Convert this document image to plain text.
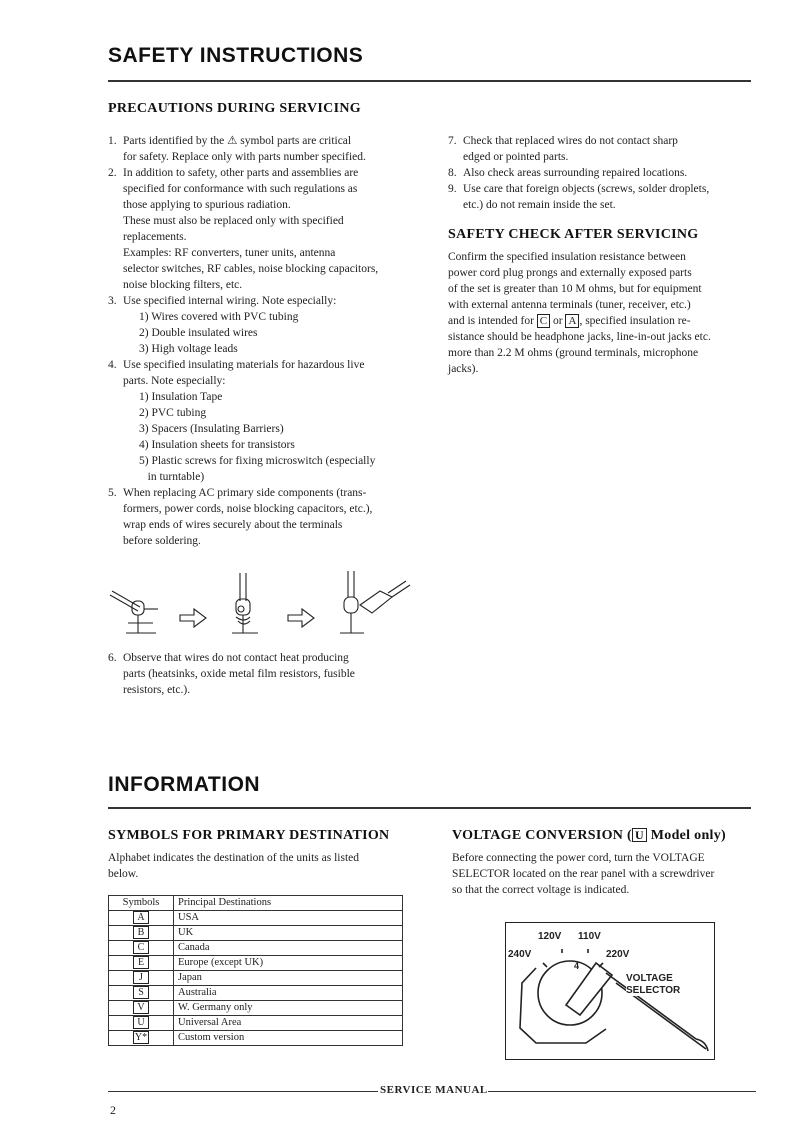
SAFETY INSTRUCTIONS
PRECAUTIONS DURING SERVICING
1. Parts identified by the ⚠ symbol parts are critical
for safety. Replace only with parts number specified.
2. In addition to safety, other parts and assemblies are
specified for conformance with such regulations as
those applying to spurious radiation.
These must also be replaced only with specified
replacements.
Examples: RF converters, tuner units, antenna
selector switches, RF cables, noise blocking capacitors,
noise blocking filters, etc.
3. Use specified internal wiring. Note especially:
1) Wires covered with PVC tubing
2) Double insulated wires
3) High voltage leads
4. Use specified insulating materials for hazardous live
parts. Note especially:
1) Insulation Tape
2) PVC tubing
3) Spacers (Insulating Barriers)
4) Insulation sheets for transistors
5) Plastic screws for fixing microswitch (especially
in turntable)
5. When replacing AC primary side components (trans-
formers, power cords, noise blocking capacitors, etc.),
wrap ends of wires securely about the terminals
before soldering.
6. Observe that wires do not contact heat producing
parts (heatsinks, oxide metal film resistors, fusible
resistors, etc.).
7. Check that replaced wires do not contact sharp
edged or pointed parts.
8. Also check areas surrounding repaired locations.
9. Use care that foreign objects (screws, solder droplets,
etc.) do not remain inside the set.
SAFETY CHECK AFTER SERVICING
Confirm the specified insulation resistance between
power cord plug prongs and externally exposed parts
of the set is greater than 10 M ohms, but for equipment
with external antenna terminals (tuner, receiver, etc.)
and is intended for C or A , specified insulation re-
sistance should be headphone jacks, line-in-out jacks etc.
more than 2.2 M ohms (ground terminals, microphone
jacks).
INFORMATION
SYMBOLS FOR PRIMARY DESTINATION
Alphabet indicates the destination of the units as listed
below.
Symbols	Principal Destinations
A	USA
B	UK
C	Canada
E	Europe (except UK)
J	Japan
S	Australia
V	W. Germany only
U	Universal Area
Y*	Custom version
VOLTAGE CONVERSION ( U Model only)
Before connecting the power cord, turn the VOLTAGE
SELECTOR located on the rear panel with a screwdriver
so that the correct voltage is indicated.
120V 110V
240V	220V
4
VOLTAGE
SELECTOR
SERVICE MANUAL
2
